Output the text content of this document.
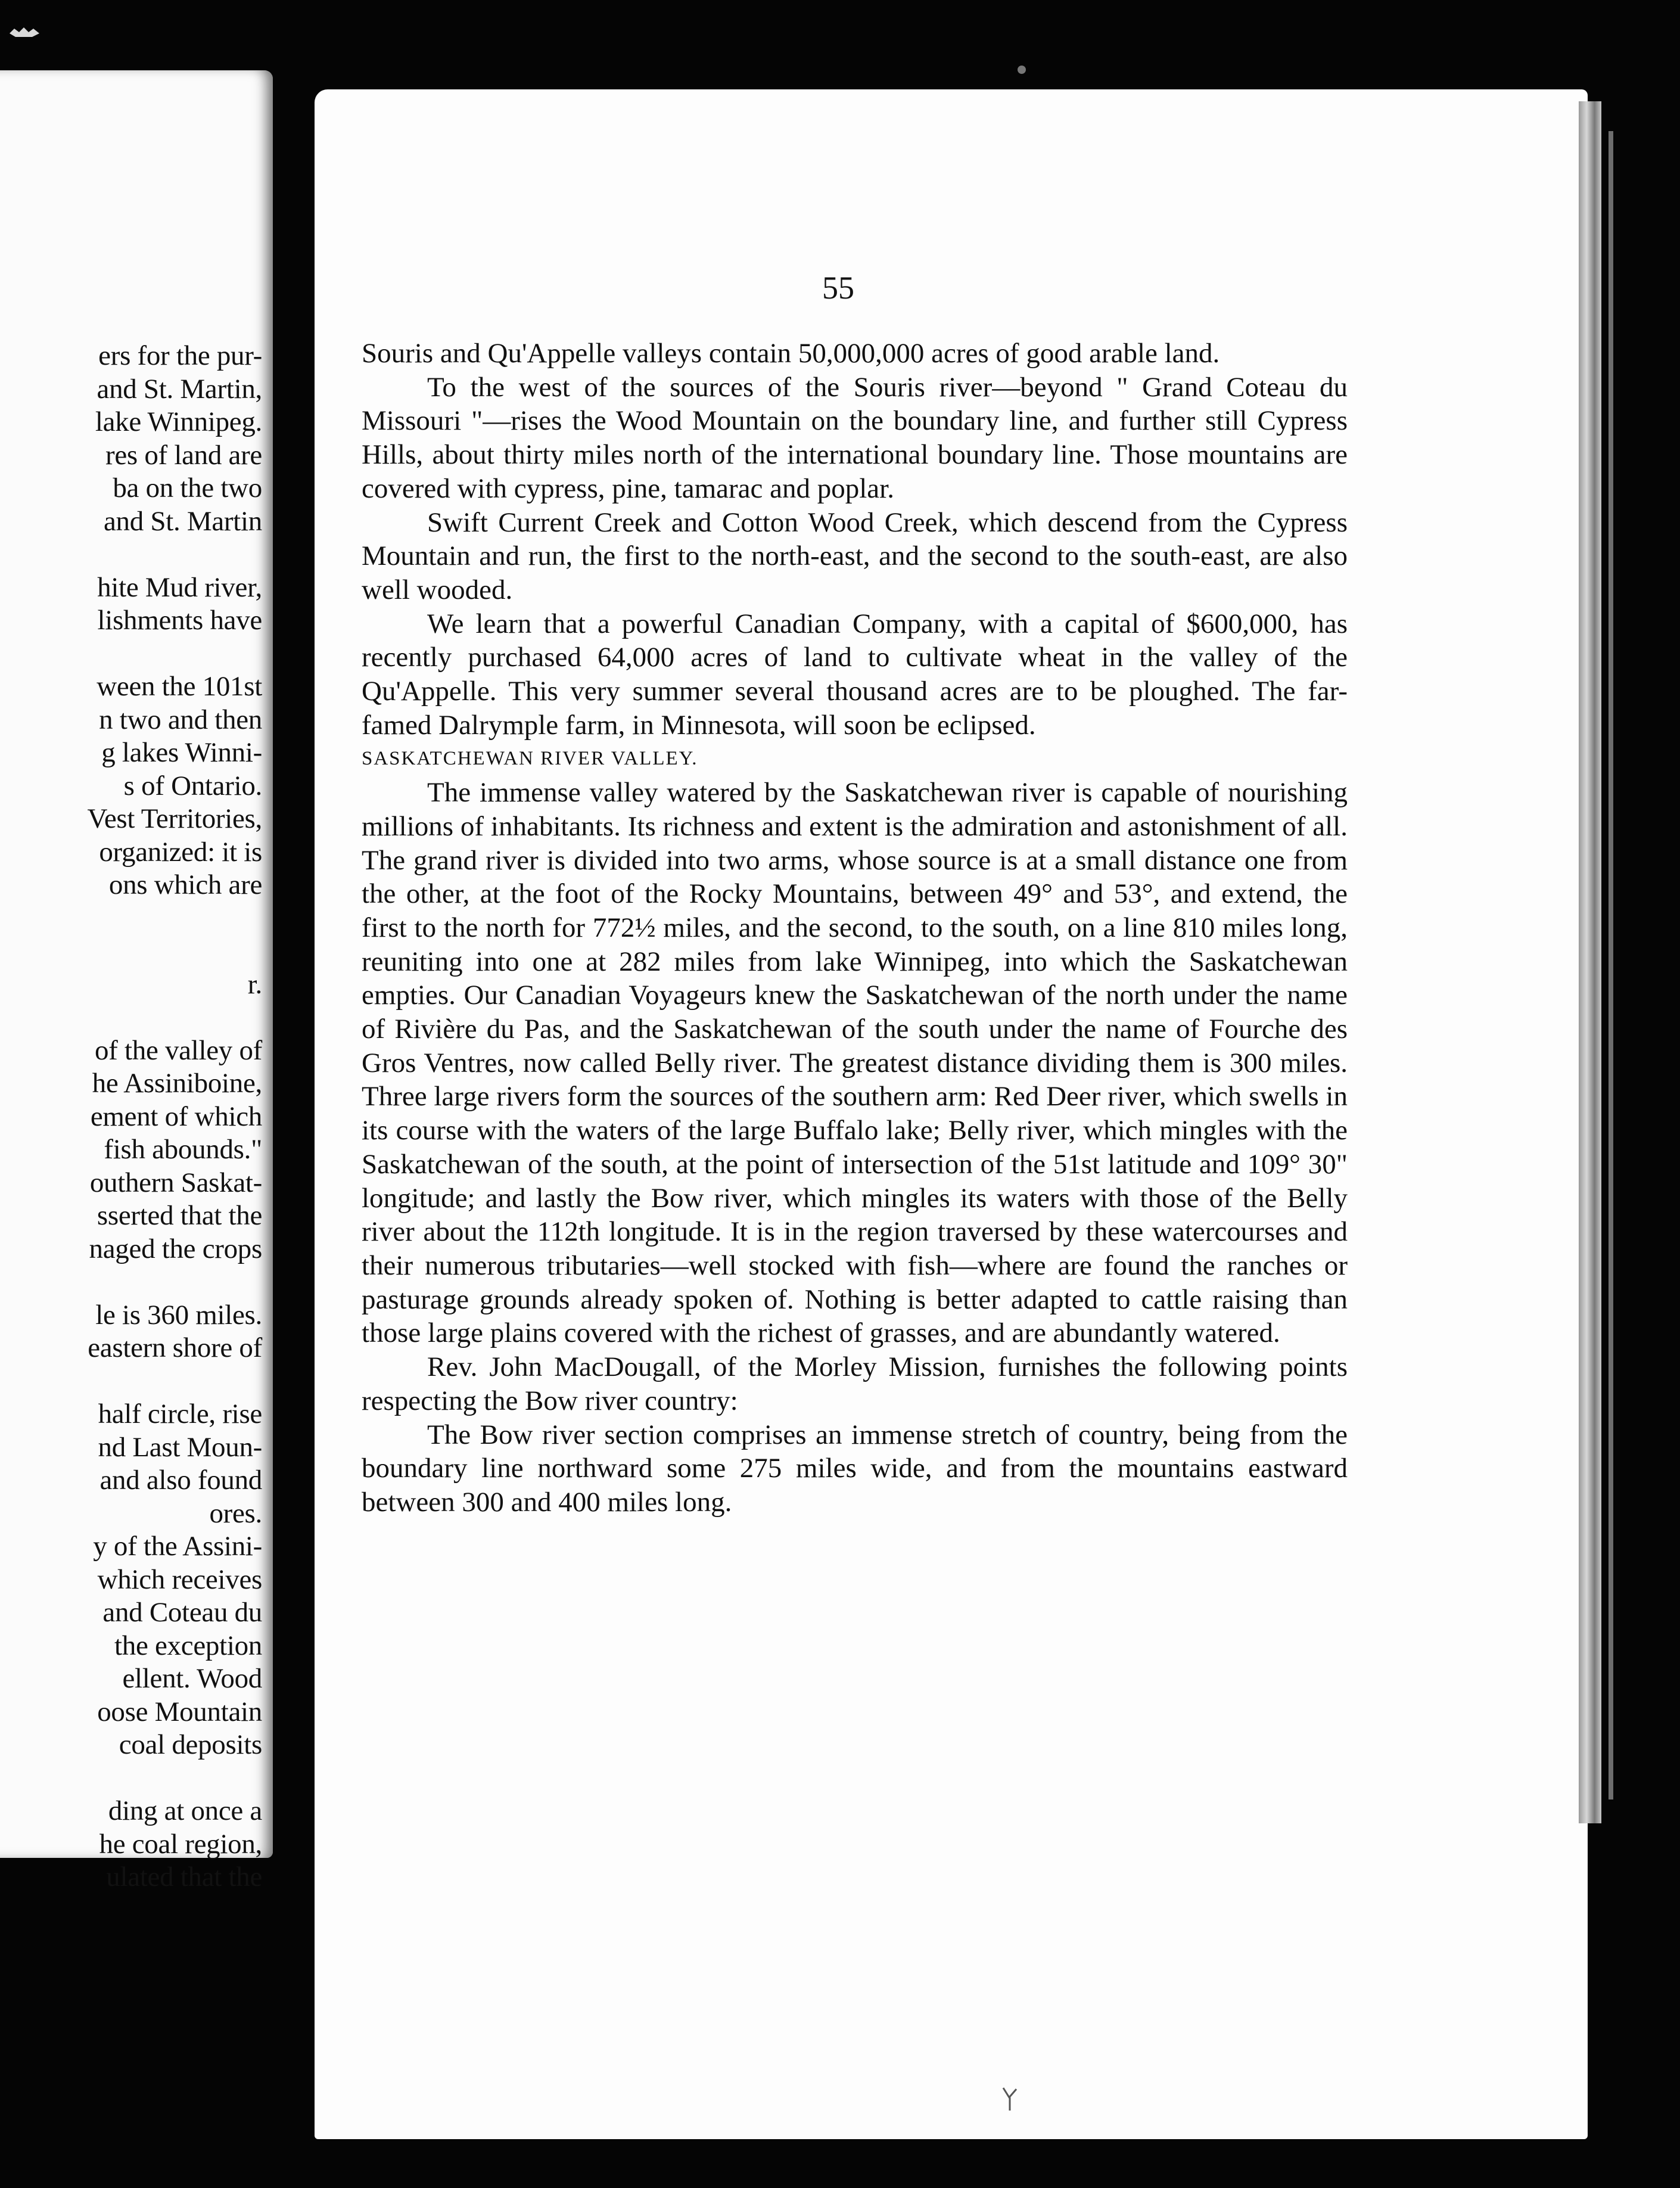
ers for the pur-
and St. Martin,
lake Winnipeg.
res of land are
ba on the two
and St. Martin
hite Mud river,
lishments have
ween the 101st
n two and then
g lakes Winni-
s of Ontario.
Vest Territories,
organized: it is
ons which are
r.
of the valley of
he Assiniboine,
ement of which
fish abounds."
outhern Saskat-
sserted that the
naged the crops
le is 360 miles.
eastern shore of
half circle, rise
nd Last Moun-
and also found
ores.
y of the Assini-
which receives
and Coteau du
the exception
ellent. Wood
oose Mountain
coal deposits
ding at once a
he coal region,
ulated that the
55

Souris and Qu'Appelle valleys contain 50,000,000 acres of good arable land.

To the west of the sources of the Souris river—beyond " Grand Coteau du Missouri "—rises the Wood Mountain on the boundary line, and further still Cypress Hills, about thirty miles north of the international boundary line. Those mountains are covered with cypress, pine, tamarac and poplar.

Swift Current Creek and Cotton Wood Creek, which descend from the Cypress Mountain and run, the first to the north-east, and the second to the south-east, are also well wooded.

We learn that a powerful Canadian Company, with a capital of $600,000, has recently purchased 64,000 acres of land to cultivate wheat in the valley of the Qu'Appelle. This very summer several thousand acres are to be ploughed. The far-famed Dalrymple farm, in Minnesota, will soon be eclipsed.

SASKATCHEWAN RIVER VALLEY.

The immense valley watered by the Saskatchewan river is capable of nourishing millions of inhabitants. Its richness and extent is the admiration and astonishment of all. The grand river is divided into two arms, whose source is at a small distance one from the other, at the foot of the Rocky Mountains, between 49° and 53°, and extend, the first to the north for 772½ miles, and the second, to the south, on a line 810 miles long, reuniting into one at 282 miles from lake Winnipeg, into which the Saskatchewan empties. Our Canadian Voyageurs knew the Saskatchewan of the north under the name of Rivière du Pas, and the Saskatchewan of the south under the name of Fourche des Gros Ventres, now called Belly river. The greatest distance dividing them is 300 miles. Three large rivers form the sources of the southern arm: Red Deer river, which swells in its course with the waters of the large Buffalo lake; Belly river, which mingles with the Saskatchewan of the south, at the point of intersection of the 51st latitude and 109° 30" longitude; and lastly the Bow river, which mingles its waters with those of the Belly river about the 112th longitude. It is in the region traversed by these watercourses and their numerous tributaries—well stocked with fish—where are found the ranches or pasturage grounds already spoken of. Nothing is better adapted to cattle raising than those large plains covered with the richest of grasses, and are abundantly watered.

Rev. John MacDougall, of the Morley Mission, furnishes the following points respecting the Bow river country:

The Bow river section comprises an immense stretch of country, being from the boundary line northward some 275 miles wide, and from the mountains eastward between 300 and 400 miles long.
